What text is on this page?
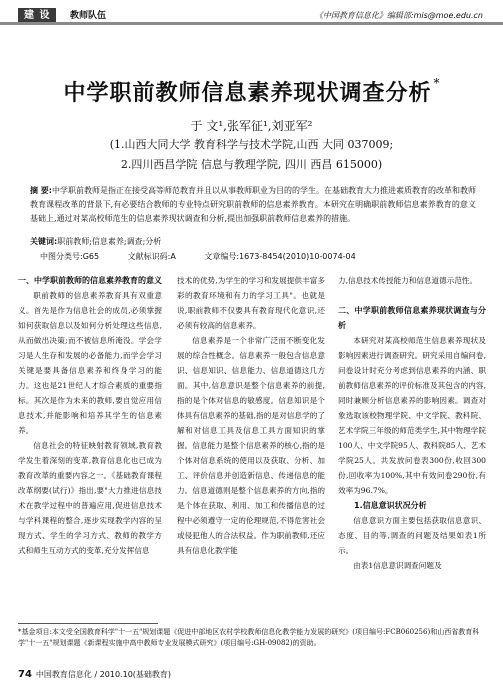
建 设	教师队伍	《中国教育信息化》编辑部:mis@moe.edu.cn
中学职前教师信息素养现状调查分析 *
于 文¹,张军征¹,刘亚军²
(1.山西大同大学 教育科学与技术学院,山西 大同 037009;
2.四川西昌学院 信息与教理学院, 四川 西昌 615000)
摘 要:中学职前教师是指正在接受高等师范教育并且以从事教师职业为目的的学生。在基础教育大力推进素质教育的改革和教师教育课程改革的背景下,有必要结合教师的专业特点研究职前教师的信息素养教育。本研究在明确职前教师信息素养教育的意义基础上,通过对某高校师范生的信息素养现状调查和分析,提出加强职前教师信息素养的措施。
关键词:职前教师;信息素养;调查;分析
中图分类号:G65	文献标识码:A	文章编号:1673-8454(2010)10-0074-04
一、中学职前教师的信息素养教育的意义

职前教师的信息素养教育具有双重意义。首先是作为信息社会的成员,必须掌握如何获取信息以及如何分析处理这些信息,从而做出决策;而不被信息所淹没。学会学习是人生存和发展的必备能力,而学会学习关键是要具备信息素养和终身学习的能力。这也是21世纪人才综合素质的重要指标。其次是作为未来的教师,要自觉应用信息技术,并能影响和培养其学生的信息素养。

信息社会的特征映射教育领域,教育教学发生着深刻的变革,教育信息化也已成为教育改革的重要内容之一。《基础教育课程改革纲要(试行)》指出,要"大力推进信息技术在教学过程中的普遍应用,促进信息技术与学科课程的整合,逐步实现教学内容的呈现方式、学生的学习方式、教师的教学方式和师生互动方式的变革,充分发挥信息

技术的优势,为学生的学习和发展提供丰富多彩的教育环境和有力的学习工具"。也就是说,职前教师不仅要具有教育现代化意识,还必须有较高的信息素养。

信息素养是一个非常广泛而不断变化发展的综合性概念。信息素养一般包含信息意识、信息知识、信息能力、信息道德这几方面。其中,信息意识是整个信息素养的前提,指的是个体对信息的敏感度。信息知识是个体具有信息素养的基础,指的是对信息学的了解和对信息工具及信息工具方面知识的掌握。信息能力是整个信息素养的核心,指的是个体对信息系统的使用以及获取、分析、加工、评价信息并创造新信息、传递信息的能力。信息道德则是整个信息素养的方向,指的是个体在获取、利用、加工和传播信息的过程中必须遵守一定的伦理规范,不得危害社会或侵犯他人的合法权益。作为职前教师,还应具有信息化教学能

力,信息技术传授能力和信息道德示范性。

二、中学职前教师信息素养现状调查与分析

本研究对某高校师范生信息素养现状及影响因素进行调查研究。研究采用自编问卷,问卷设计时充分考虑到信息素养的内涵、职前教师信息素养的评价标准及其包含的内容,同时兼顾分析信息素养的影响因素。调查对象选取该校物理学院、中文学院、教科院、艺术学院三年级的师范类学生,其中物理学院100人、中文学院95人、教科院85人、艺术学院25人。共发放问卷表300份,收回300份,回收率为100%,其中有效问卷290份,有效率为96.7%。

1.信息意识状况分析

信息意识方面主要包括获取信息意识、态度、目的等,调查的问题及结果如表1所示。

由表1信息意识调查问题及

*基金项目:本文受全国教育科学"十一五"规划课题《促进中部地区农村学校教师信息化教学能力发展的研究》(项目编号:FCB060256)和山西省教育科学"十一五"规划课题《新课程实施中高中教师专业发展模式研究》(项目编号:GH-09082)的资助。
74 中国教育信息化 / 2010.10(基础教育)
